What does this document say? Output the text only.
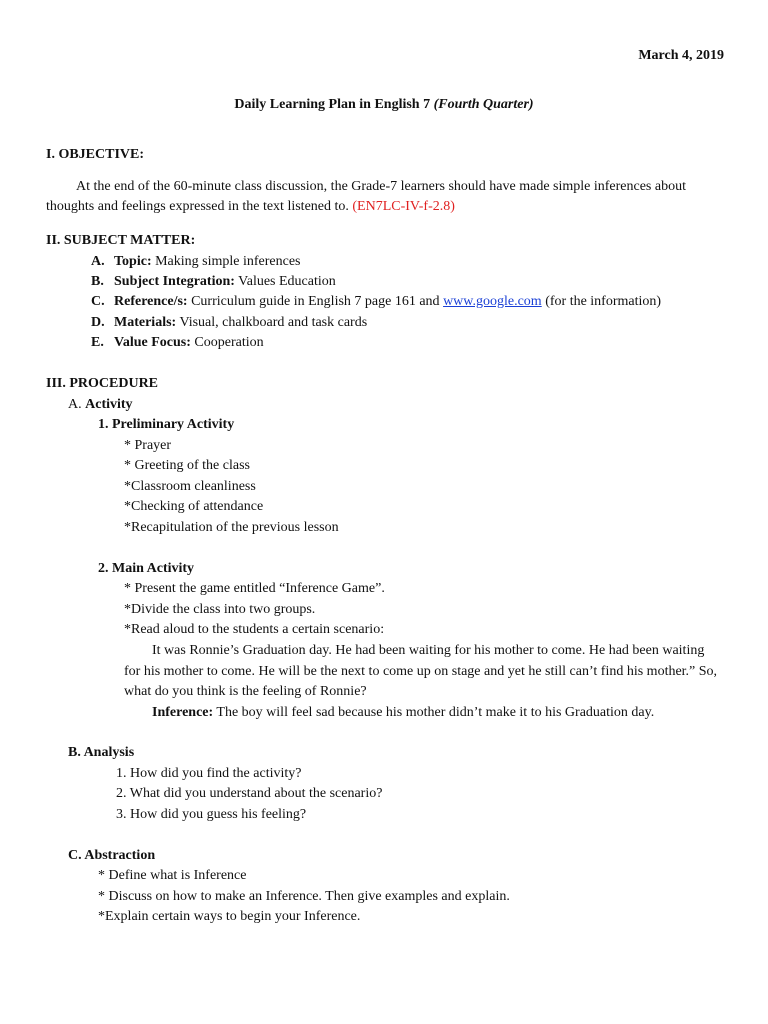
March 4, 2019
Daily Learning Plan in English 7 (Fourth Quarter)
I. OBJECTIVE:
At the end of the 60-minute class discussion, the Grade-7 learners should have made simple inferences about thoughts and feelings expressed in the text listened to. (EN7LC-IV-f-2.8)
II. SUBJECT MATTER:
A. Topic: Making simple inferences
B. Subject Integration: Values Education
C. Reference/s: Curriculum guide in English 7 page 161 and www.google.com (for the information)
D. Materials: Visual, chalkboard and task cards
E. Value Focus: Cooperation
III. PROCEDURE
A. Activity
1. Preliminary Activity
* Prayer
* Greeting of the class
*Classroom cleanliness
*Checking of attendance
*Recapitulation of the previous lesson
2. Main Activity
* Present the game entitled “Inference Game”.
*Divide the class into two groups.
*Read aloud to the students a certain scenario:
It was Ronnie’s Graduation day. He had been waiting for his mother to come. He had been waiting for his mother to come. He will be the next to come up on stage and yet he still can’t find his mother.” So, what do you think is the feeling of Ronnie?
Inference: The boy will feel sad because his mother didn’t make it to his Graduation day.
B. Analysis
1. How did you find the activity?
2. What did you understand about the scenario?
3. How did you guess his feeling?
C. Abstraction
* Define what is Inference
* Discuss on how to make an Inference. Then give examples and explain.
*Explain certain ways to begin your Inference.
